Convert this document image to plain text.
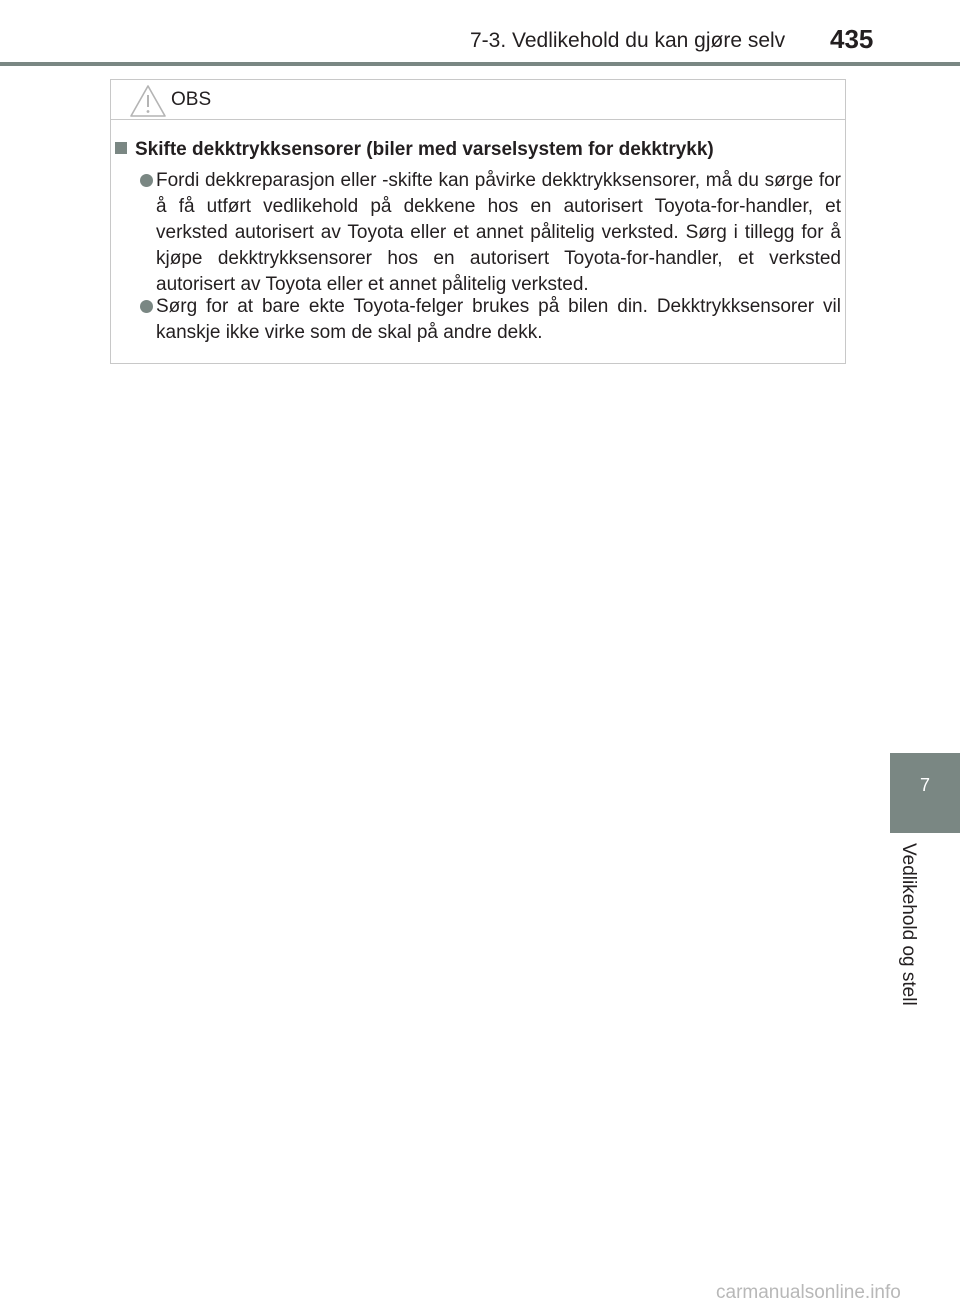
7-3. Vedlikehold du kan gjøre selv 435
OBS
Skifte dekktrykksensorer (biler med varselsystem for dekktrykk)
Fordi dekkreparasjon eller -skifte kan påvirke dekktrykksensorer, må du sørge for å få utført vedlikehold på dekkene hos en autorisert Toyota-for-handler, et verksted autorisert av Toyota eller et annet pålitelig verksted. Sørg i tillegg for å kjøpe dekktrykksensorer hos en autorisert Toyota-for-handler, et verksted autorisert av Toyota eller et annet pålitelig verksted.
Sørg for at bare ekte Toyota-felger brukes på bilen din. Dekktrykksensorer vil kanskje ikke virke som de skal på andre dekk.
7
Vedlikehold og stell
carmanualsonline.info
